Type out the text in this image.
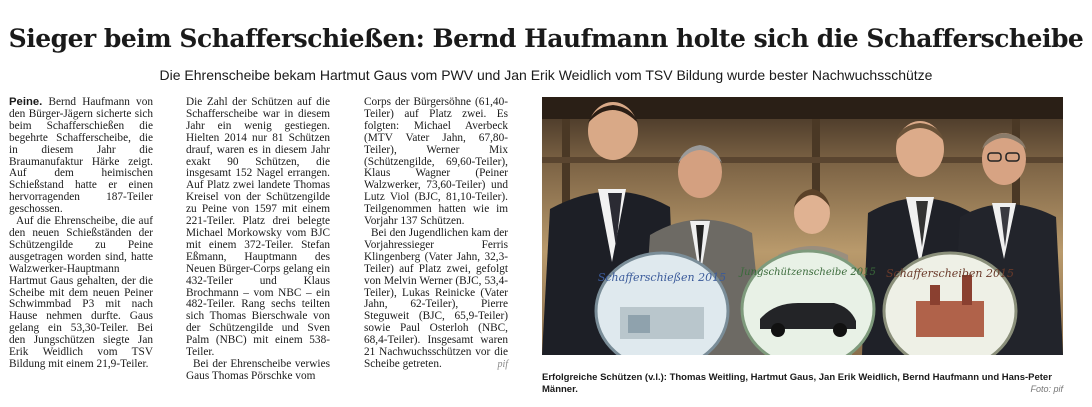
Sieger beim Schafferschießen: Bernd Haufmann holte sich die Schafferscheibe
Die Ehrenscheibe bekam Hartmut Gaus vom PWV und Jan Erik Weidlich vom TSV Bildung wurde bester Nachwuchsschütze

Peine. Bernd Haufmann von den Bürger-Jägern sicherte sich beim Schafferschießen die begehrte Schafferscheibe, die in diesem Jahr die Braumanufaktur Härke zeigt. Auf dem heimischen Schießstand hatte er einen hervorragenden 187-Teiler geschossen.

Auf die Ehrenscheibe, die auf den neuen Schießständen der Schützengilde zu Peine ausgetragen worden sind, hatte Walzwerker-Hauptmann Hartmut Gaus gehalten, der die Scheibe mit dem neuen Peiner Schwimmbad P3 mit nach Hause nehmen durfte. Gaus gelang ein 53,30-Teiler. Bei den Jungschützen siegte Jan Erik Weidlich vom TSV Bildung mit einem 21,9-Teiler.

Die Zahl der Schützen auf die Schafferscheibe war in diesem Jahr ein wenig gestiegen. Hielten 2014 nur 81 Schützen drauf, waren es in diesem Jahr exakt 90 Schützen, die insgesamt 152 Nagel errangen. Auf Platz zwei landete Thomas Kreisel von der Schützengilde zu Peine von 1597 mit einem 221-Teiler. Platz drei belegte Michael Morkowsky vom BJC mit einem 372-Teiler. Stefan Eßmann, Hauptmann des Neuen Bürger-Corps gelang ein 432-Teiler und Klaus Brochmann – vom NBC – ein 482-Teiler. Rang sechs teilten sich Thomas Bierschwale von der Schützengilde und Sven Palm (NBC) mit einem 538-Teiler.

Bei der Ehrenscheibe verwies Gaus Thomas Pörschke vom

Corps der Bürgersöhne (61,40-Teiler) auf Platz zwei. Es folgten: Michael Averbeck (MTV Vater Jahn, 67,80-Teiler), Werner Mix (Schützengilde, 69,60-Teiler), Klaus Wagner (Peiner Walzwerker, 73,60-Teiler) und Lutz Viol (BJC, 81,10-Teiler). Teilgenommen hatten wie im Vorjahr 137 Schützen.

Bei den Jugendlichen kam der Vorjahressieger Ferris Klingenberg (Vater Jahn, 32,3-Teiler) auf Platz zwei, gefolgt von Melvin Werner (BJC, 53,4-Teiler), Lukas Reinicke (Vater Jahn, 62-Teiler), Pierre Steguweit (BJC, 65,9-Teiler) sowie Paul Osterloh (NBC, 68,4-Teiler). Insgesamt waren 21 Nachwuchsschützen vor die Scheibe getreten.	pif

Schafferschießen 2015 Jungschützenscheibe 2015 Schafferscheiben 2015
Erfolgreiche Schützen (v.l.): Thomas Weitling, Hartmut Gaus, Jan Erik Weidlich, Bernd Haufmann und Hans-Peter Männer.	Foto: pif
